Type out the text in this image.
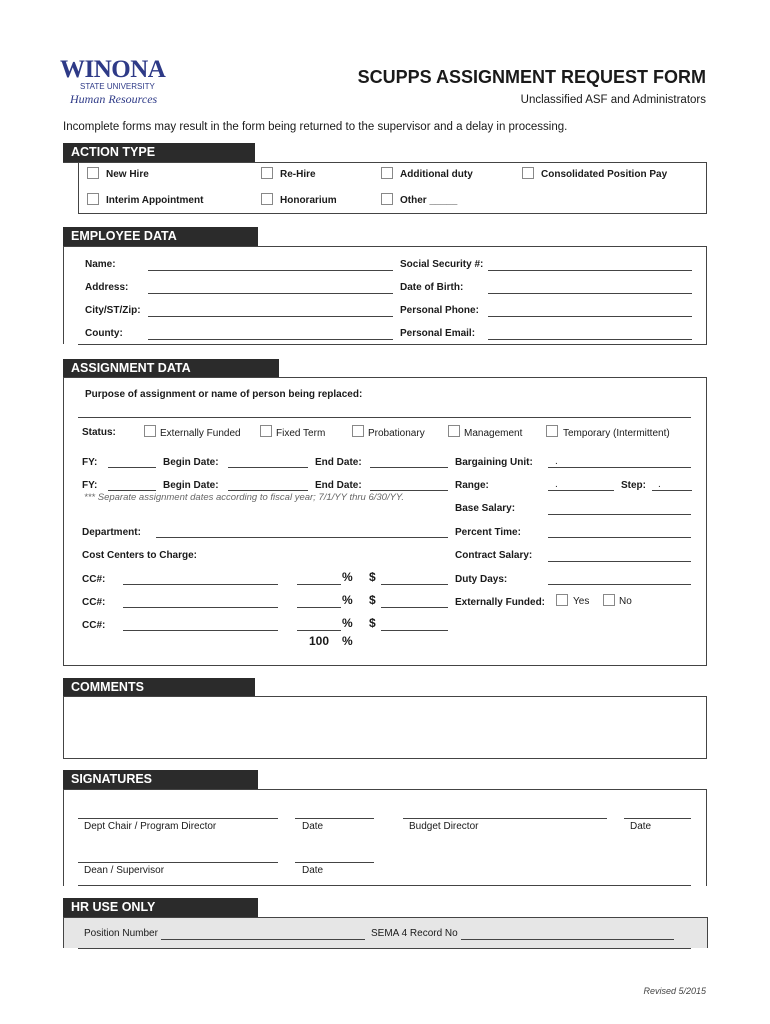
WINONA
STATE UNIVERSITY
Human Resources
SCUPPS ASSIGNMENT REQUEST FORM
Unclassified ASF and Administrators
Incomplete forms may result in the form being returned to the supervisor and a delay in processing.
ACTION TYPE
New Hire	Re-Hire	Additional duty	Consolidated Position Pay
Interim Appointment	Honorarium	Other _____
EMPLOYEE DATA
Name:	Social Security #:
Address:	Date of Birth:
City/ST/Zip:	Personal Phone:
County:	Personal Email:
ASSIGNMENT DATA
Purpose of assignment or name of person being replaced:
Status:	Externally Funded	Fixed Term	Probationary	Management	Temporary (Intermittent)
FY:	Begin Date:	End Date:	Bargaining Unit: .
FY:	Begin Date:	End Date:	Range:	.	Step: .
*** Separate assignment dates according to fiscal year; 7/1/YY thru 6/30/YY.
Base Salary:
Department:	Percent Time:
Cost Centers to Charge:	Contract Salary:
CC#:	% $	Duty Days:
CC#:	% $	Externally Funded:	Yes	No
CC#:	% $
100 %
COMMENTS
SIGNATURES
Dept Chair / Program Director	Date	Budget Director	Date
Dean / Supervisor	Date
HR USE ONLY
Position Number	SEMA 4 Record No
Revised 5/2015
